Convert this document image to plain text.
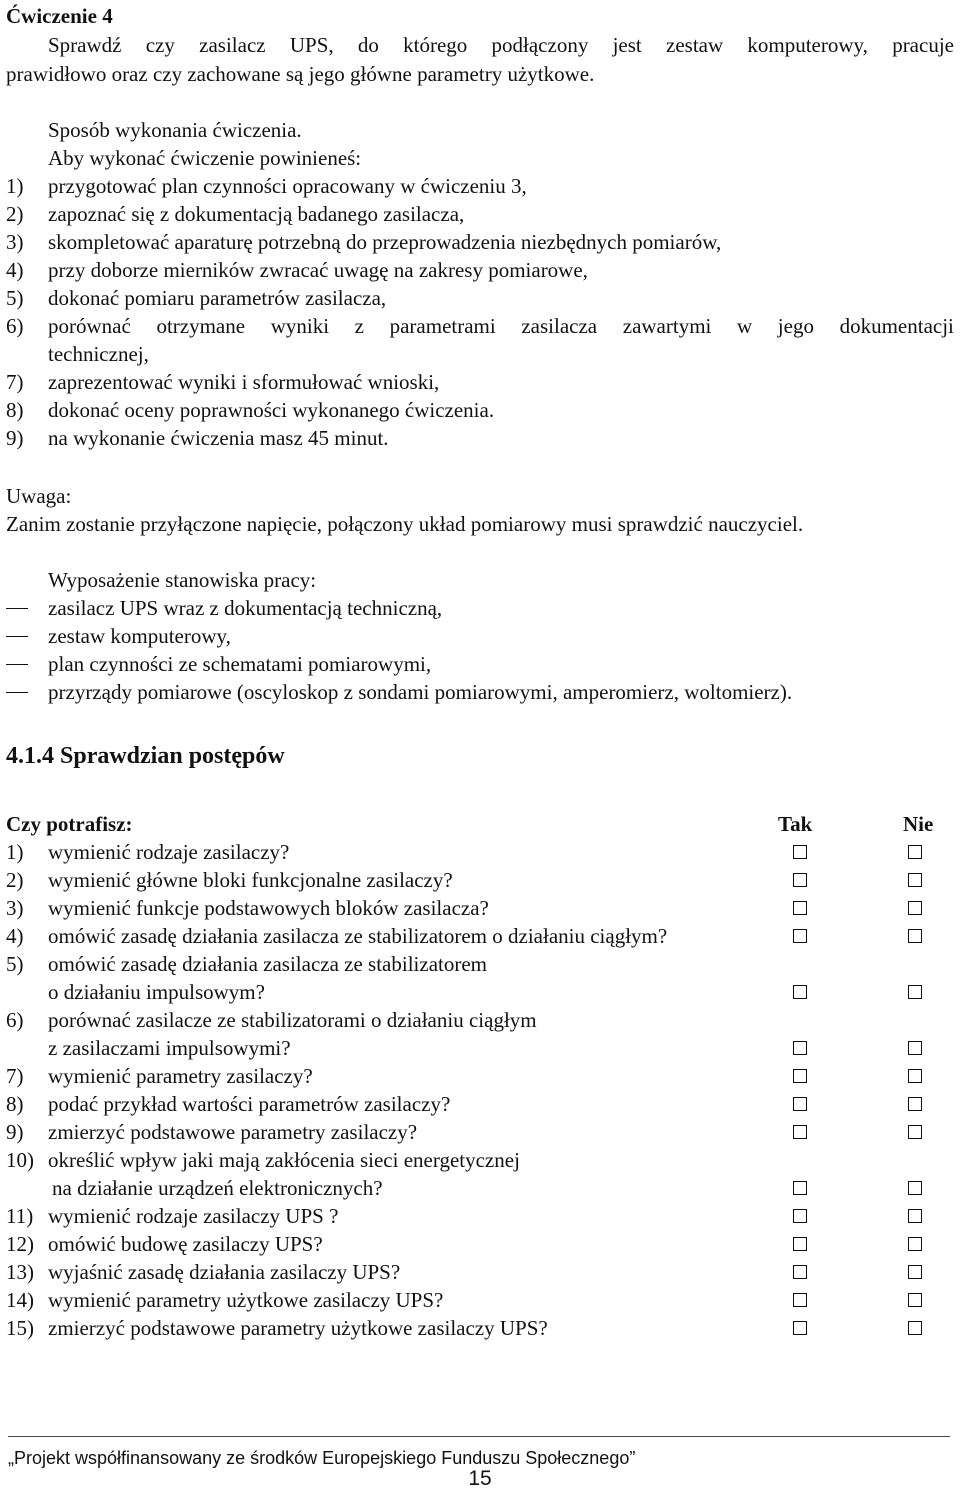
Ćwiczenie 4
Sprawdź czy zasilacz UPS, do którego podłączony jest zestaw komputerowy, pracuje
prawidłowo oraz czy zachowane są jego główne parametry użytkowe.
Sposób wykonania ćwiczenia.
Aby wykonać ćwiczenie powinieneś:
1) przygotować plan czynności opracowany w ćwiczeniu 3,
2) zapoznać się z dokumentacją badanego zasilacza,
3) skompletować aparaturę potrzebną do przeprowadzenia niezbędnych pomiarów,
4) przy doborze mierników zwracać uwagę na zakresy pomiarowe,
5) dokonać pomiaru parametrów zasilacza,
6) porównać otrzymane wyniki z parametrami zasilacza zawartymi w jego dokumentacji
technicznej,
7) zaprezentować wyniki i sformułować wnioski,
8) dokonać oceny poprawności wykonanego ćwiczenia.
9) na wykonanie ćwiczenia masz 45 minut.
Uwaga:
Zanim zostanie przyłączone napięcie, połączony układ pomiarowy musi sprawdzić nauczyciel.
Wyposażenie stanowiska pracy:
zasilacz UPS wraz z dokumentacją techniczną,
zestaw komputerowy,
plan czynności ze schematami pomiarowymi,
przyrządy pomiarowe (oscyloskop z sondami pomiarowymi, amperomierz, woltomierz).
4.1.4 Sprawdzian postępów
Czy potrafisz:	Tak	Nie
1) wymienić rodzaje zasilaczy?
2) wymienić główne bloki funkcjonalne zasilaczy?
3) wymienić funkcje podstawowych bloków zasilacza?
4) omówić zasadę działania zasilacza ze stabilizatorem o działaniu ciągłym?
5) omówić zasadę działania zasilacza ze stabilizatorem
o działaniu impulsowym?
6) porównać zasilacze ze stabilizatorami o działaniu ciągłym
z zasilaczami impulsowymi?
7) wymienić parametry zasilaczy?
8) podać przykład wartości parametrów zasilaczy?
9) zmierzyć podstawowe parametry zasilaczy?
10) określić wpływ jaki mają zakłócenia sieci energetycznej
na działanie urządzeń elektronicznych?
11) wymienić rodzaje zasilaczy UPS ?
12) omówić budowę zasilaczy UPS?
13) wyjaśnić zasadę działania zasilaczy UPS?
14) wymienić parametry użytkowe zasilaczy UPS?
15) zmierzyć podstawowe parametry użytkowe zasilaczy UPS?
„Projekt współfinansowany ze środków Europejskiego Funduszu Społecznego”
15
